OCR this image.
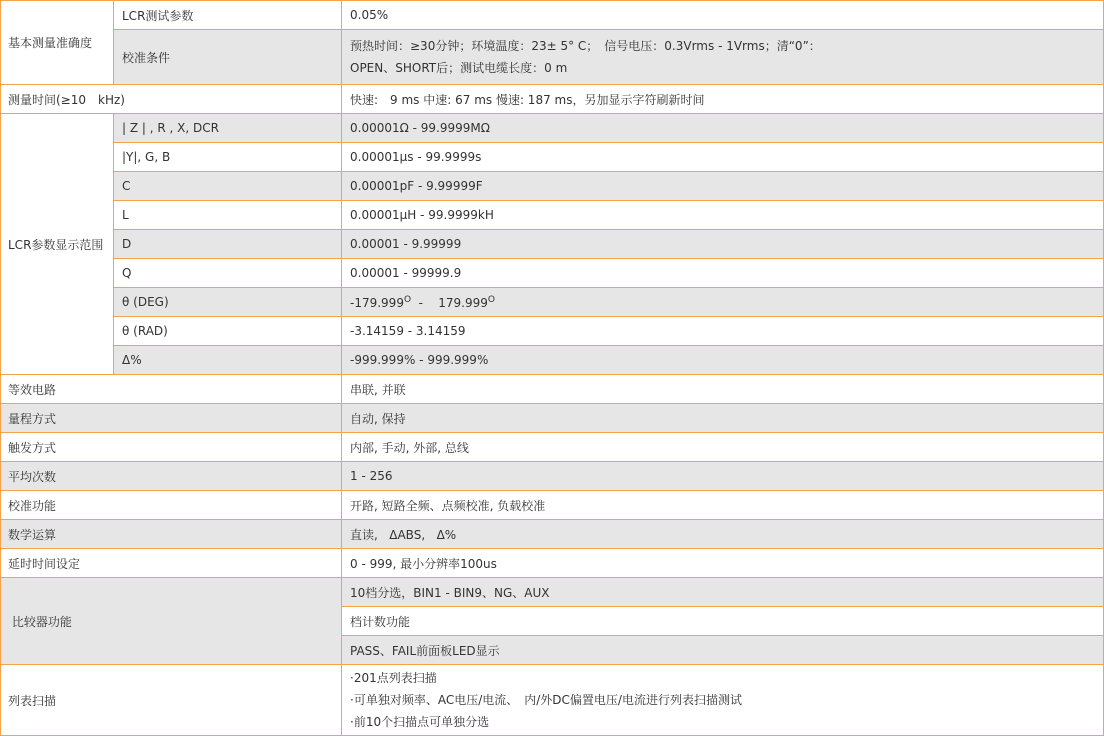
基本测量准确度	LCR测试参数	0.05%
	校准条件	预热时间：≥30分钟；环境温度：23± 5° C；　信号电压：0.3Vrms - 1Vrms；清“0”：
OPEN、SHORT后；测试电缆长度：0 m

测量时间(≥10　kHz)		快速:　9 ms 中速: 67 ms 慢速: 187 ms，另加显示字符刷新时间
LCR参数显示范围	| Z | , R , X, DCR	0.00001Ω - 99.9999MΩ
	|Y|, G, B	0.00001μs - 99.9999s
	C	0.00001pF - 9.99999F
	L	0.00001μH - 99.9999kH
	D	0.00001 - 9.99999
	Q	0.00001 - 99999.9
	θ (DEG)	$-179.999^O$  -    $179.999^O$
	θ (RAD)	-3.14159 - 3.14159
	Δ%	-999.999% - 999.999%
等效电路		串联, 并联
量程方式		自动, 保持
触发方式		内部, 手动, 外部, 总线
平均次数		1 - 256
校准功能		开路, 短路全频、点频校准, 负载校准
数学运算		直读,   ΔABS,   Δ%
延时时间设定		0 - 999, 最小分辨率100us
比较器功能		10档分选，BIN1 - BIN9、NG、AUX
		档计数功能
		PASS、FAIL前面板LED显示
列表扫描		·201点列表扫描
·可单独对频率、AC电压/电流、　内/外DC偏置电压/电流进行列表扫描测试
·前10个扫描点可单独分选
